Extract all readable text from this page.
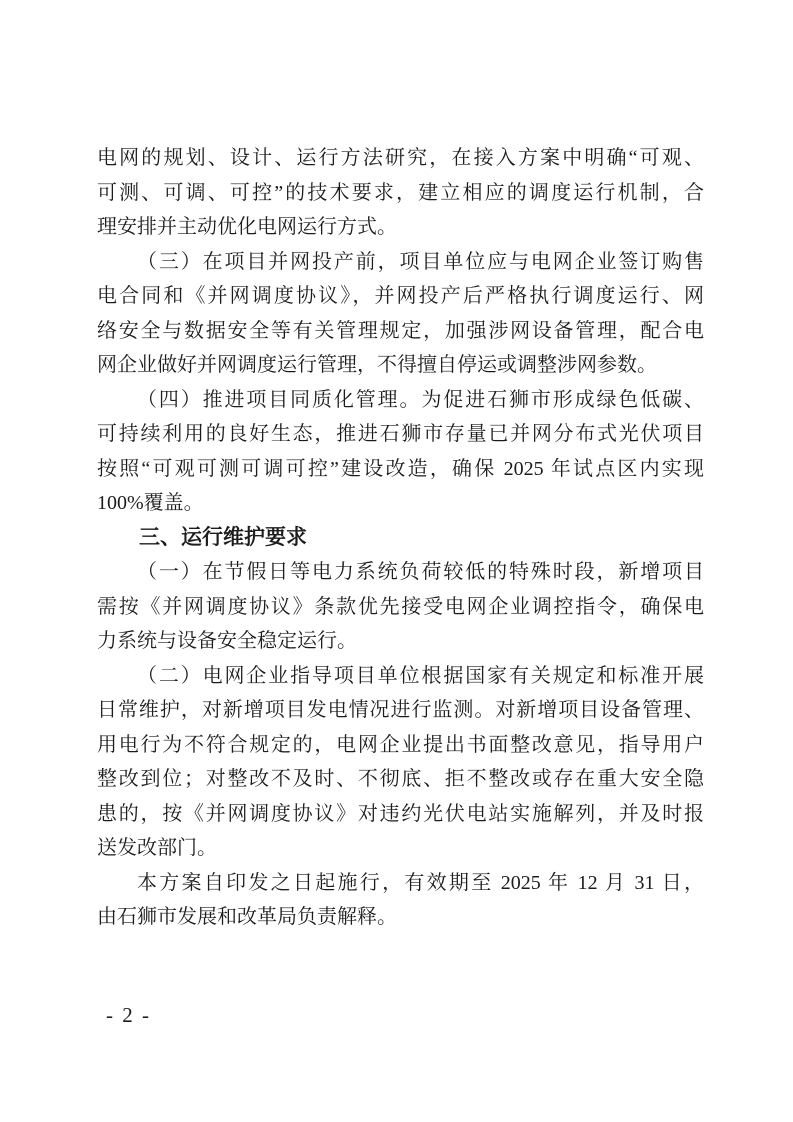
电网的规划、设计、运行方法研究，在接入方案中明确“可观、

可测、可调、可控”的技术要求，建立相应的调度运行机制，合

理安排并主动优化电网运行方式。

（三）在项目并网投产前，项目单位应与电网企业签订购售

电合同和《并网调度协议》，并网投产后严格执行调度运行、网

络安全与数据安全等有关管理规定，加强涉网设备管理，配合电

网企业做好并网调度运行管理，不得擅自停运或调整涉网参数。

（四）推进项目同质化管理。为促进石狮市形成绿色低碳、

可持续利用的良好生态，推进石狮市存量已并网分布式光伏项目

按照“可观可测可调可控”建设改造，确保 2025 年试点区内实现

100%覆盖。

三、运行维护要求

（一）在节假日等电力系统负荷较低的特殊时段，新增项目

需按《并网调度协议》条款优先接受电网企业调控指令，确保电

力系统与设备安全稳定运行。

（二）电网企业指导项目单位根据国家有关规定和标准开展

日常维护，对新增项目发电情况进行监测。对新增项目设备管理、

用电行为不符合规定的，电网企业提出书面整改意见，指导用户

整改到位；对整改不及时、不彻底、拒不整改或存在重大安全隐

患的，按《并网调度协议》对违约光伏电站实施解列，并及时报

送发改部门。

本方案自印发之日起施行，有效期至 2025 年 12 月 31 日，

由石狮市发展和改革局负责解释。

- 2 -
